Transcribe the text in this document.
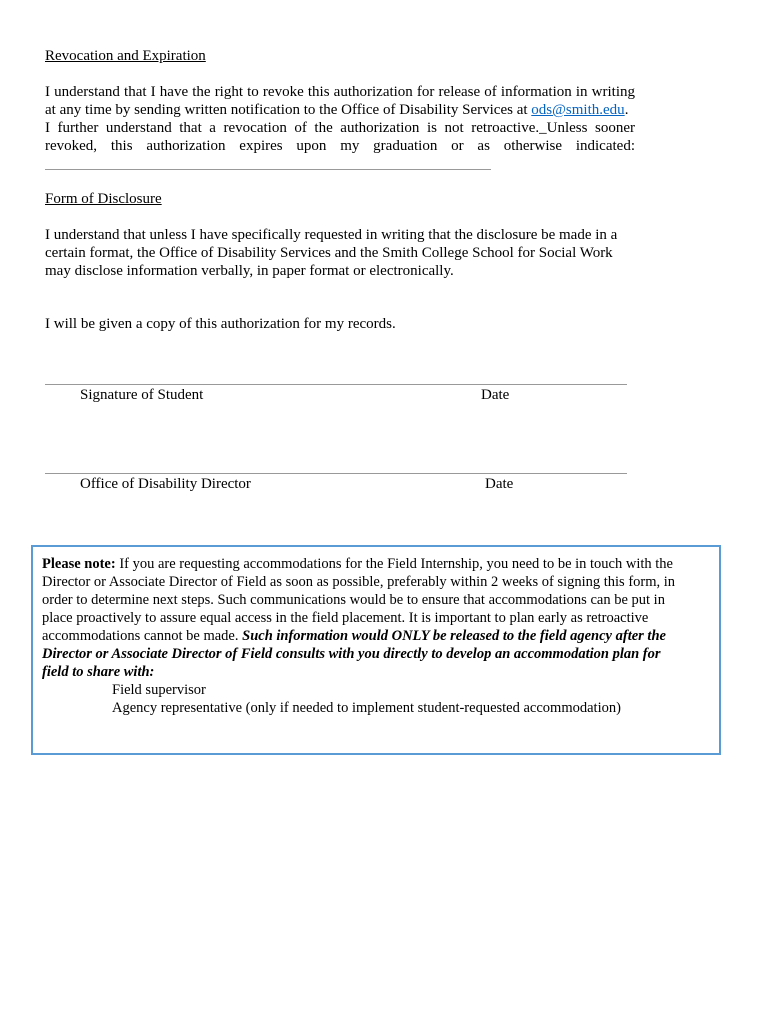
Revocation and Expiration
I understand that I have the right to revoke this authorization for release of information in writing
at any time by sending written notification to the Office of Disability Services at ods@smith.edu.
I further understand that a revocation of the authorization is not retroactive._Unless sooner
revoked, this authorization expires upon my graduation or as otherwise indicated:
Form of Disclosure
I understand that unless I have specifically requested in writing that the disclosure be made in a
certain format, the Office of Disability Services and the Smith College School for Social Work
may disclose information verbally, in paper format or electronically.
I will be given a copy of this authorization for my records.
Signature of Student	Date
Office of Disability Director	Date
Please note: If you are requesting accommodations for the Field Internship, you need to be in touch with the
Director or Associate Director of Field as soon as possible, preferably within 2 weeks of signing this form, in
order to determine next steps. Such communications would be to ensure that accommodations can be put in
place proactively to assure equal access in the field placement. It is important to plan early as retroactive
accommodations cannot be made. Such information would ONLY be released to the field agency after the
Director or Associate Director of Field consults with you directly to develop an accommodation plan for
field to share with:
Field supervisor
Agency representative (only if needed to implement student-requested accommodation)
